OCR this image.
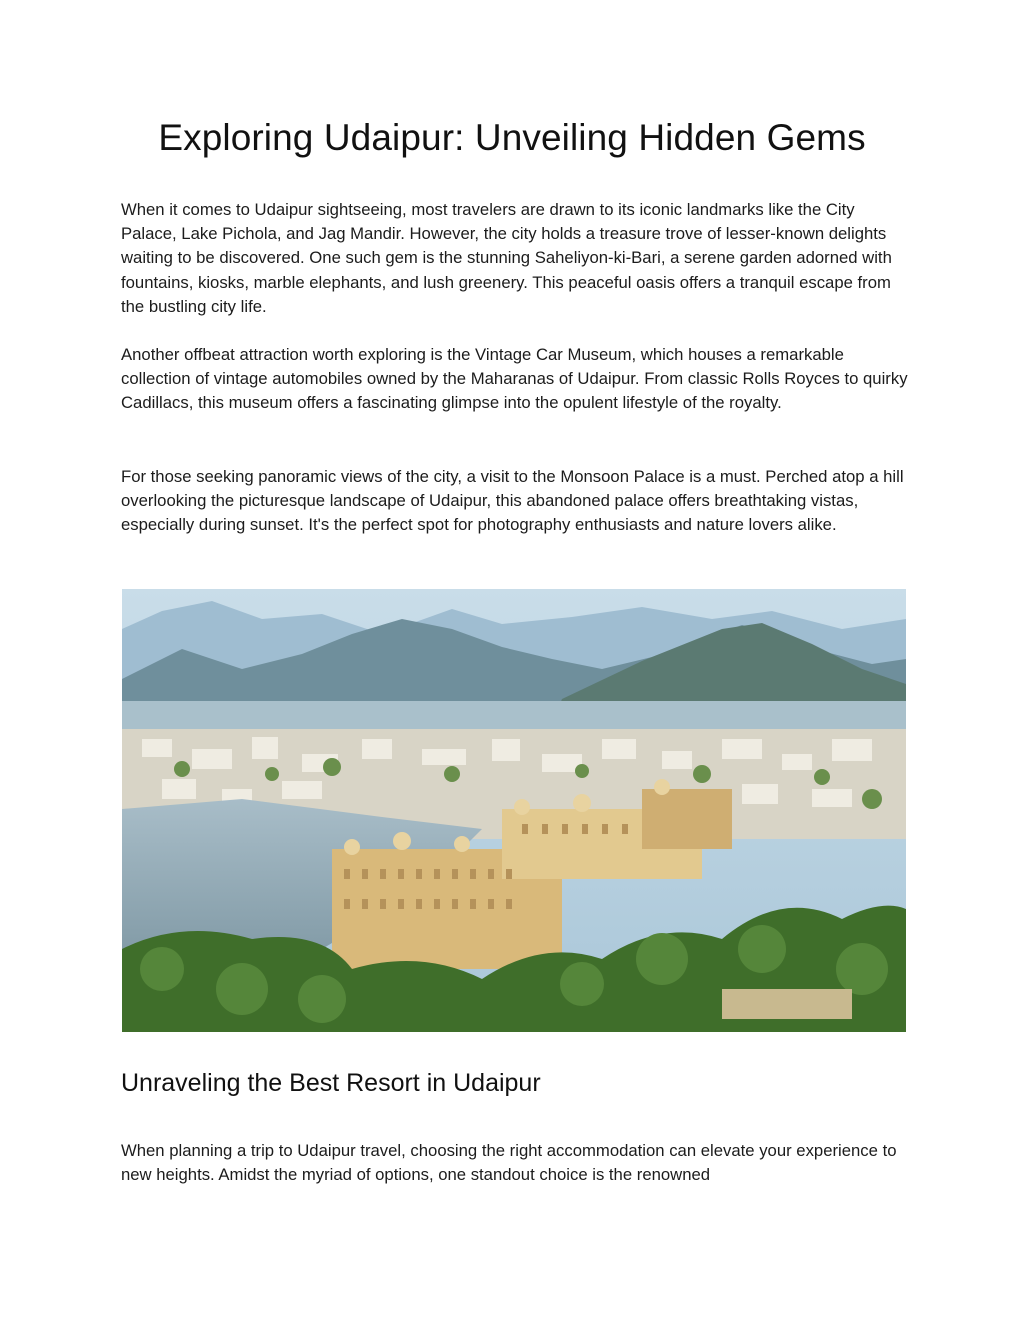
Exploring Udaipur: Unveiling Hidden Gems

When it comes to Udaipur sightseeing, most travelers are drawn to its iconic landmarks like the City Palace, Lake Pichola, and Jag Mandir. However, the city holds a treasure trove of lesser-known delights waiting to be discovered. One such gem is the stunning Saheliyon-ki-Bari, a serene garden adorned with fountains, kiosks, marble elephants, and lush greenery. This peaceful oasis offers a tranquil escape from the bustling city life.

Another offbeat attraction worth exploring is the Vintage Car Museum, which houses a remarkable collection of vintage automobiles owned by the Maharanas of Udaipur. From classic Rolls Royces to quirky Cadillacs, this museum offers a fascinating glimpse into the opulent lifestyle of the royalty.

For those seeking panoramic views of the city, a visit to the Monsoon Palace is a must. Perched atop a hill overlooking the picturesque landscape of Udaipur, this abandoned palace offers breathtaking vistas, especially during sunset. It's the perfect spot for photography enthusiasts and nature lovers alike.

Unraveling the Best Resort in Udaipur

When planning a trip to Udaipur travel, choosing the right accommodation can elevate your experience to new heights. Amidst the myriad of options, one standout choice is the renowned
